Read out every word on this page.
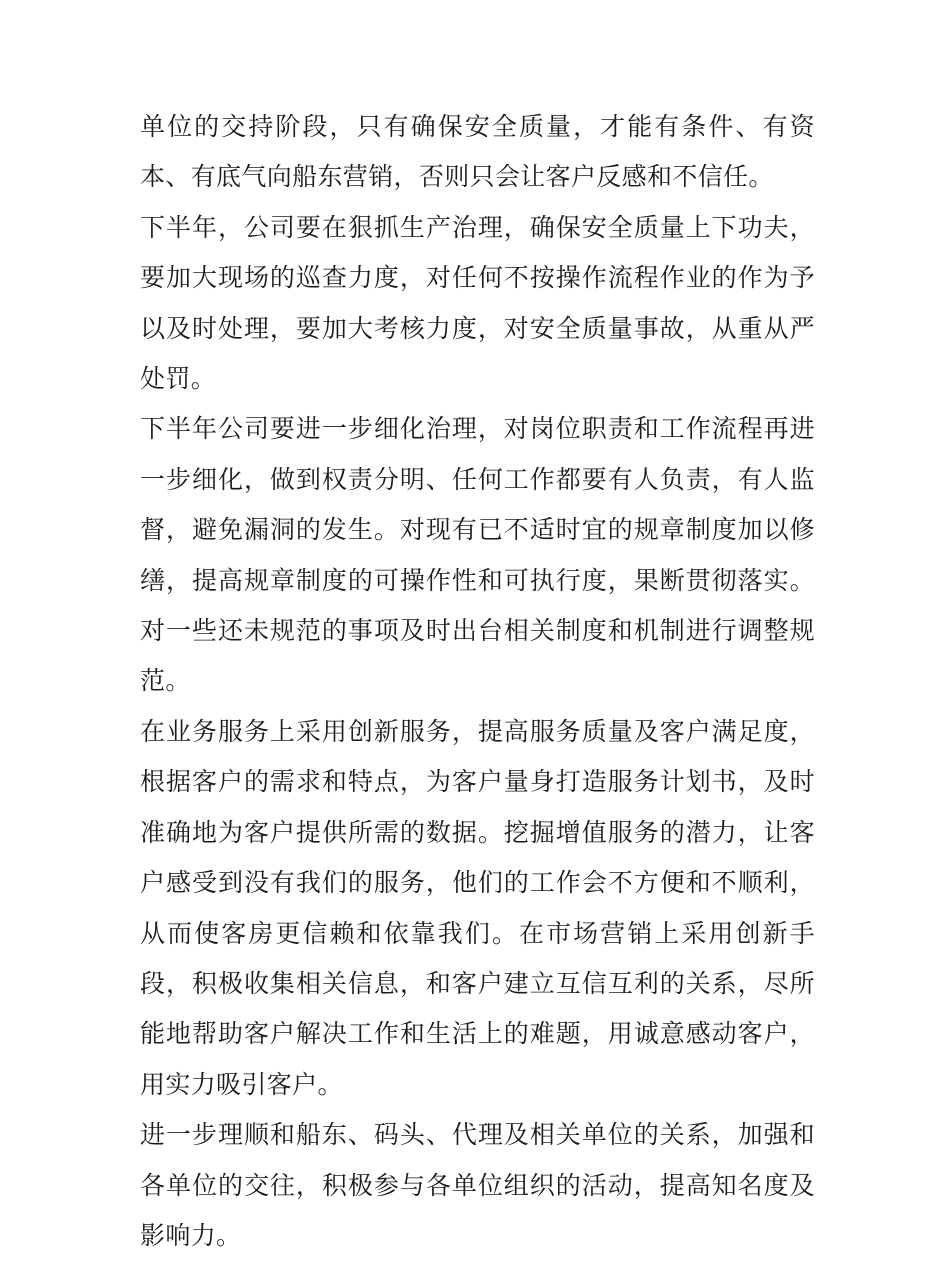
单位的交持阶段，只有确保安全质量，才能有条件、有资本、有底气向船东营销，否则只会让客户反感和不信任。

下半年，公司要在狠抓生产治理，确保安全质量上下功夫，要加大现场的巡查力度，对任何不按操作流程作业的作为予以及时处理，要加大考核力度，对安全质量事故，从重从严处罚。

下半年公司要进一步细化治理，对岗位职责和工作流程再进一步细化，做到权责分明、任何工作都要有人负责，有人监督，避免漏洞的发生。对现有已不适时宜的规章制度加以修缮，提高规章制度的可操作性和可执行度，果断贯彻落实。对一些还未规范的事项及时出台相关制度和机制进行调整规范。

在业务服务上采用创新服务，提高服务质量及客户满足度，根据客户的需求和特点，为客户量身打造服务计划书，及时准确地为客户提供所需的数据。挖掘增值服务的潜力，让客户感受到没有我们的服务，他们的工作会不方便和不顺利，从而使客房更信赖和依靠我们。在市场营销上采用创新手段，积极收集相关信息，和客户建立互信互利的关系，尽所能地帮助客户解决工作和生活上的难题，用诚意感动客户，用实力吸引客户。

进一步理顺和船东、码头、代理及相关单位的关系，加强和各单位的交往，积极参与各单位组织的活动，提高知名度及影响力。
